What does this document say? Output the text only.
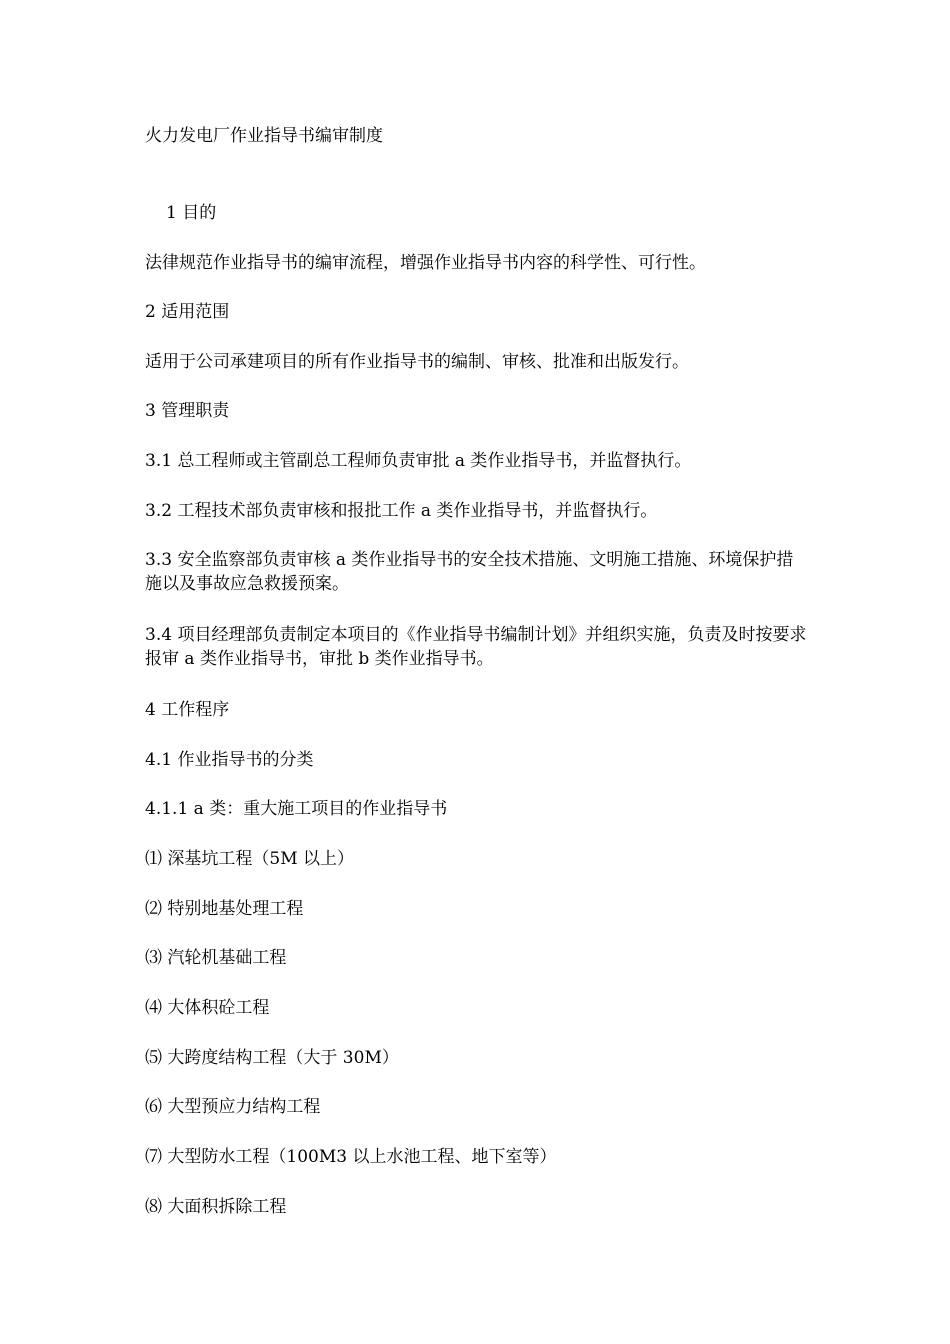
火力发电厂作业指导书编审制度
1 目的
法律规范作业指导书的编审流程，增强作业指导书内容的科学性、可行性。
2 适用范围
适用于公司承建项目的所有作业指导书的编制、审核、批准和出版发行。
3 管理职责
3.1 总工程师或主管副总工程师负责审批 a 类作业指导书，并监督执行。
3.2 工程技术部负责审核和报批工作 a 类作业指导书，并监督执行。
3.3 安全监察部负责审核 a 类作业指导书的安全技术措施、文明施工措施、环境保护措施以及事故应急救援预案。
3.4 项目经理部负责制定本项目的《作业指导书编制计划》并组织实施，负责及时按要求报审 a 类作业指导书，审批 b 类作业指导书。
4 工作程序
4.1 作业指导书的分类
4.1.1 a 类：重大施工项目的作业指导书
⑴ 深基坑工程（5M 以上）
⑵ 特别地基处理工程
⑶ 汽轮机基础工程
⑷ 大体积砼工程
⑸ 大跨度结构工程（大于 30M）
⑹ 大型预应力结构工程
⑺ 大型防水工程（100M3 以上水池工程、地下室等）
⑻ 大面积拆除工程
